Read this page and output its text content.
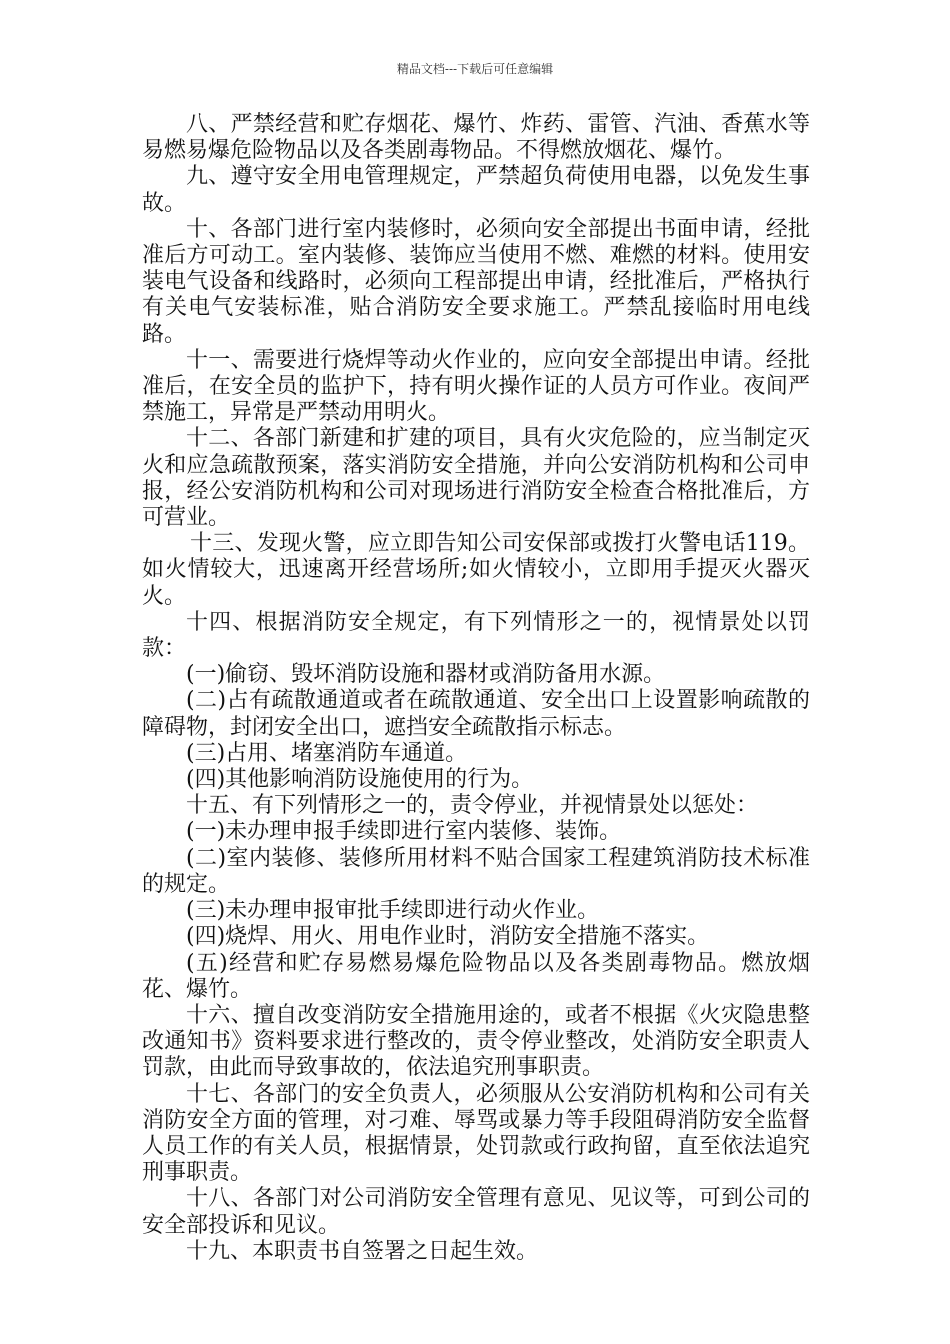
精品文档---下载后可任意编辑

八、严禁经营和贮存烟花、爆竹、炸药、雷管、汽油、香蕉水等易燃易爆危险物品以及各类剧毒物品。不得燃放烟花、爆竹。

九、遵守安全用电管理规定，严禁超负荷使用电器，以免发生事故。

十、各部门进行室内装修时，必须向安全部提出书面申请，经批准后方可动工。室内装修、装饰应当使用不燃、难燃的材料。使用安装电气设备和线路时，必须向工程部提出申请，经批准后，严格执行有关电气安装标准，贴合消防安全要求施工。严禁乱接临时用电线路。

十一、需要进行烧焊等动火作业的，应向安全部提出申请。经批准后，在安全员的监护下，持有明火操作证的人员方可作业。夜间严禁施工，异常是严禁动用明火。

十二、各部门新建和扩建的项目，具有火灾危险的，应当制定灭火和应急疏散预案，落实消防安全措施，并向公安消防机构和公司申报，经公安消防机构和公司对现场进行消防安全检查合格批准后，方可营业。

十三、发现火警，应立即告知公司安保部或拨打火警电话119。如火情较大，迅速离开经营场所;如火情较小，立即用手提灭火器灭火。

十四、根据消防安全规定，有下列情形之一的，视情景处以罚款：

(一)偷窃、毁坏消防设施和器材或消防备用水源。

(二)占有疏散通道或者在疏散通道、安全出口上设置影响疏散的障碍物，封闭安全出口，遮挡安全疏散指示标志。

(三)占用、堵塞消防车通道。

(四)其他影响消防设施使用的行为。

十五、有下列情形之一的，责令停业，并视情景处以惩处：

(一)未办理申报手续即进行室内装修、装饰。

(二)室内装修、装修所用材料不贴合国家工程建筑消防技术标准的规定。

(三)未办理申报审批手续即进行动火作业。

(四)烧焊、用火、用电作业时，消防安全措施不落实。

(五)经营和贮存易燃易爆危险物品以及各类剧毒物品。燃放烟花、爆竹。

十六、擅自改变消防安全措施用途的，或者不根据《火灾隐患整改通知书》资料要求进行整改的，责令停业整改，处消防安全职责人罚款，由此而导致事故的，依法追究刑事职责。

十七、各部门的安全负责人，必须服从公安消防机构和公司有关消防安全方面的管理，对刁难、辱骂或暴力等手段阻碍消防安全监督人员工作的有关人员，根据情景，处罚款或行政拘留，直至依法追究刑事职责。

十八、各部门对公司消防安全管理有意见、见议等，可到公司的安全部投诉和见议。

十九、本职责书自签署之日起生效。
